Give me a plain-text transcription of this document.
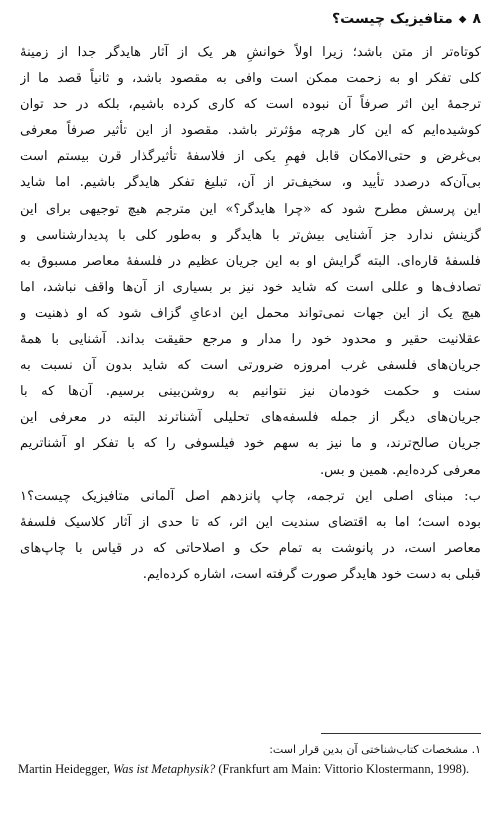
۸
◆
متافیزیک چیست؟
کوتاه‌تر از متن باشد؛ زیرا اولاً خوانشِ هر یک از آثار هایدگر جدا از زمینهٔ
کلی تفکر او به زحمت ممکن است وافی به مقصود باشد، و ثانیاً قصد ما از
ترجمهٔ این اثر صرفاً آن نبوده است که کاری کرده باشیم، بلکه در حد توان
کوشیده‌ایم که این کار هرچه مؤثرتر باشد. مقصود از این تأثیر صرفاً معرفی
بی‌غرض و حتی‌الامکان قابل فهمِ یکی از فلاسفهٔ تأثیرگذار قرن بیستم است
بی‌آن‌که درصدد تأیید و، سخیف‌تر از آن، تبلیغ تفکر هایدگر باشیم. اما شاید
این پرسش مطرح شود که «چرا هایدگر؟» این مترجم هیچ توجیهی برای این
گزینش ندارد جز آشنایی بیش‌تر با هایدگر و به‌طور کلی با پدیدارشناسی و
فلسفهٔ قاره‌ای. البته گرایش او به این جریان عظیم در فلسفهٔ معاصر مسبوق به
تصادف‌ها و عللی است که شاید خود نیز بر بسیاری از آن‌ها واقف نباشد، اما
هیچ یک از این جهات نمی‌تواند محمل این ادعایِ گزاف شود که او ذهنیت و
عقلانیت حقیر و محدود خود را مدار و مرجع حقیقت بداند. آشنایی با همهٔ
جریان‌های فلسفی غرب امروزه ضرورتی است که شاید بدون آن نسبت به
سنت و حکمت خودمان نیز نتوانیم به روشن‌بینی برسیم. آن‌ها که با
جریان‌های دیگر از جمله فلسفه‌های تحلیلی آشناترند البته در معرفی این
جریان صالح‌ترند، و ما نیز به سهم خود فیلسوفی را که با تفکر او آشناتریم
معرفی کرده‌ایم. همین و بس.
ب: مبنای اصلی این ترجمه، چاپ پانزدهم اصل آلمانی متافیزیک چیست؟۱
بوده است؛ اما به اقتضای سندیت این اثر، که تا حدی از آثار کلاسیک فلسفهٔ
معاصر است، در پانوشت به تمام حک و اصلاحاتی که در قیاس با چاپ‌های
قبلی به دست خود هایدگر صورت گرفته است، اشاره کرده‌ایم.
۱. مشخصات کتاب‌شناختی آن بدین قرار است:
Martin Heidegger, Was ist Metaphysik? (Frankfurt am Main: Vittorio Klostermann, 1998).
